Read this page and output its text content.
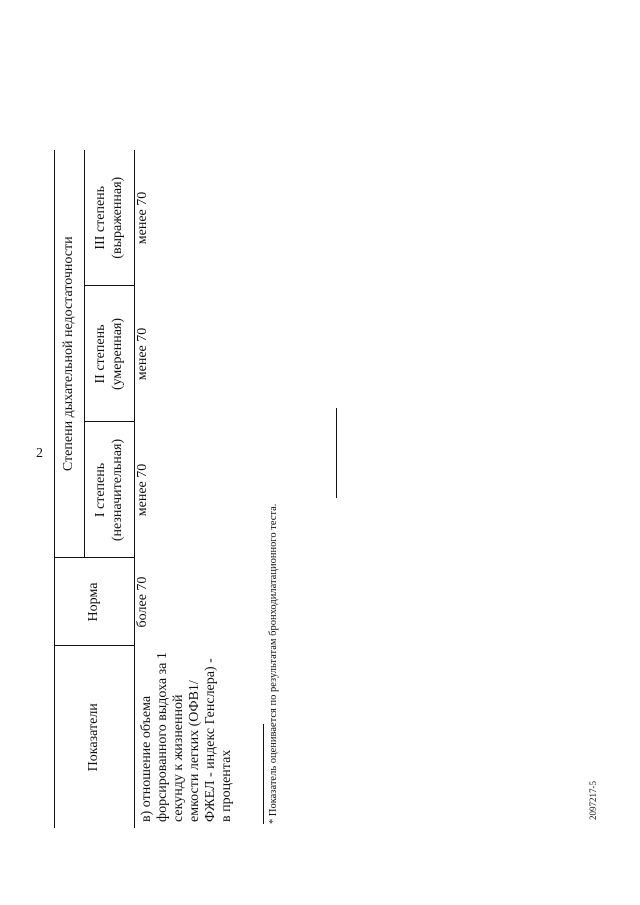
2
2097217-5
Показатели	Норма	Степени дыхательной недостаточности		

		I степень (незначительная)	II степень (умеренная)	III степень (выраженная)

в) отношение объема форсированного выдоха за 1 секунду к жизненной емкости легких (ОФВ1/ФЖЕЛ - индекс Генслера) - в процентах	более 70	менее 70	менее 70	менее 70
* Показатель оценивается по результатам бронходилатационного теста.
